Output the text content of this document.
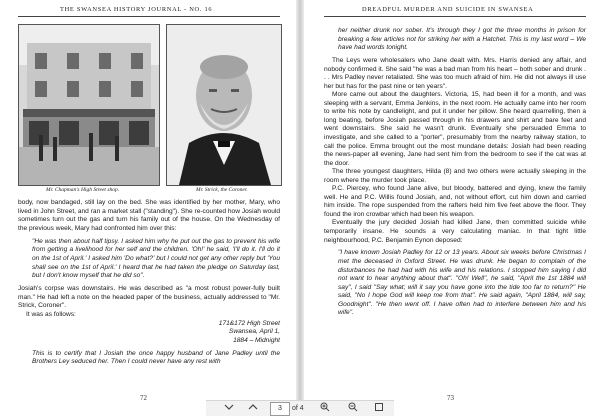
THE SWANSEA HISTORY JOURNAL - NO. 16
Mr. Chapman's High Street shop.	Mr. Strick, the Coroner.

body, now bandaged, still lay on the bed. She was identified by her mother, Mary, who lived in John Street, and ran a market stall ("standing"). She re-counted how Josiah would sometimes turn out the gas and turn his family out of the house. On the Wednesday of the previous week, Mary had confronted him over this:

"He was then about half tipsy. I asked him why he put out the gas to prevent his wife from getting a livelihood for her self and the children. 'Oh!' he said, 'I'll do it. I'll do it on the 1st of April.' I asked him 'Do what?' but I could not get any other reply but 'You shall see on the 1st of April.' I heard that he had taken the pledge on Saturday last, but I don't know myself that he did so".

Josiah's corpse was downstairs. He was described as "a most robust power-fully built man." He had left a note on the headed paper of the business, actually addressed to "Mr. Strick, Coroner".

It was as follows:

171&172 High Street

Swansea, April 1,

1884 – Midnight

This is to certify that I Josiah the once happy husband of Jane Padley until the Brothers Ley seduced her. Then I could never have any rest with

72
DREADFUL MURDER AND SUICIDE IN SWANSEA

her neither drunk nor sober. It's through they I got the three months in prison for breaking a few articles not for striking her with a Hatchet. This is my last word – We have had words tonight.

The Leys were wholesalers who Jane dealt with. Mrs. Harris denied any affair, and nobody confirmed it. She said "he was a bad man from his heart – both sober and drunk . . . Mrs Padley never retaliated. She was too much afraid of him. He did not always ill use her but has for the past nine or ten years".

More came out about the daughters. Victoria, 15, had been ill for a month, and was sleeping with a servant, Emma Jenkins, in the next room. He actually came into her room to write his note by candlelight, and put it under her pillow. She heard quarrelling, then a long beating, before Josiah passed through in his drawers and shirt and bare feet and went downstairs. She said he wasn't drunk. Eventually she persuaded Emma to investigate, and she called to a "porter", presumably from the nearby railway station, to call the police. Emma brought out the most mundane details: Josiah had been reading the news-paper all evening, Jane had sent him from the bedroom to see if the cat was at the door.

The three youngest daughters, Hilda (8) and two others were actually sleeping in the room where the murder took place.

P.C. Piercey, who found Jane alive, but bloody, battered and dying, knew the family well. He and P.C. Willis found Josiah, and, not without effort, cut him down and carried him inside. The rope suspended from the rafters held him five feet above the floor. They found the iron crowbar which had been his weapon.

Eventually the jury decided Josiah had killed Jane, then committed suicide while temporarily insane. He sounds a very calculating maniac. In that tight little neighbourhood, P.C. Benjamin Eynon deposed:

"I have known Josiah Padley for 12 or 13 years. About six weeks before Christmas I met the deceased in Oxford Street. He was drunk. He began to complain of the disturbances he had had with his wife and his relations. I stopped him saying I did not want to hear anything about that". "Oh! Well", he said, "April the 1st 1884 will say", I said "Say what; will it say you have gone into the tide too far to return?" He said, "No I hope God will keep me from that". He said again, "April 1884, will say, Goodnight". "He then went off. I have often had to interfere between him and his wife".

73
3	of 4
